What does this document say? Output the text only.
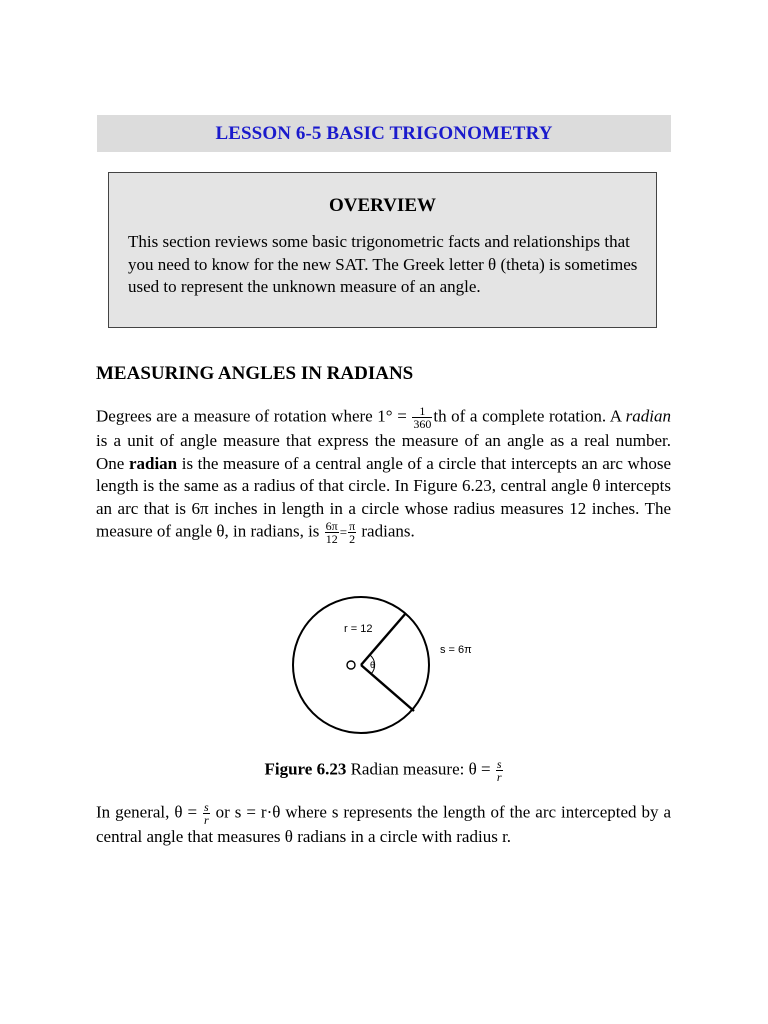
LESSON 6-5 BASIC TRIGONOMETRY
OVERVIEW
This section reviews some basic trigonometric facts and relationships that you need to know for the new SAT. The Greek letter θ (theta) is sometimes used to represent the unknown measure of an angle.
MEASURING ANGLES IN RADIANS
Degrees are a measure of rotation where $1^\circ = \frac{1}{360}$ th of a complete rotation. A radian is a unit of angle measure that express the measure of an angle as a real number. One radian is the measure of a central angle of a circle that intercepts an arc whose length is the same as a radius of that circle. In Figure 6.23, central angle θ intercepts an arc that is 6π inches in length in a circle whose radius measures 12 inches. The measure of angle θ, in radians, is $\frac{6\pi}{12} = \frac{\pi}{2}$ radians.
r = 12
s = 6π
θ
Figure 6.23 Radian measure: $\theta = \frac{s}{r}$
In general, $\theta = \frac{s}{r}$ or s = r·θ where s represents the length of the arc intercepted by a central angle that measures θ radians in a circle with radius r.
